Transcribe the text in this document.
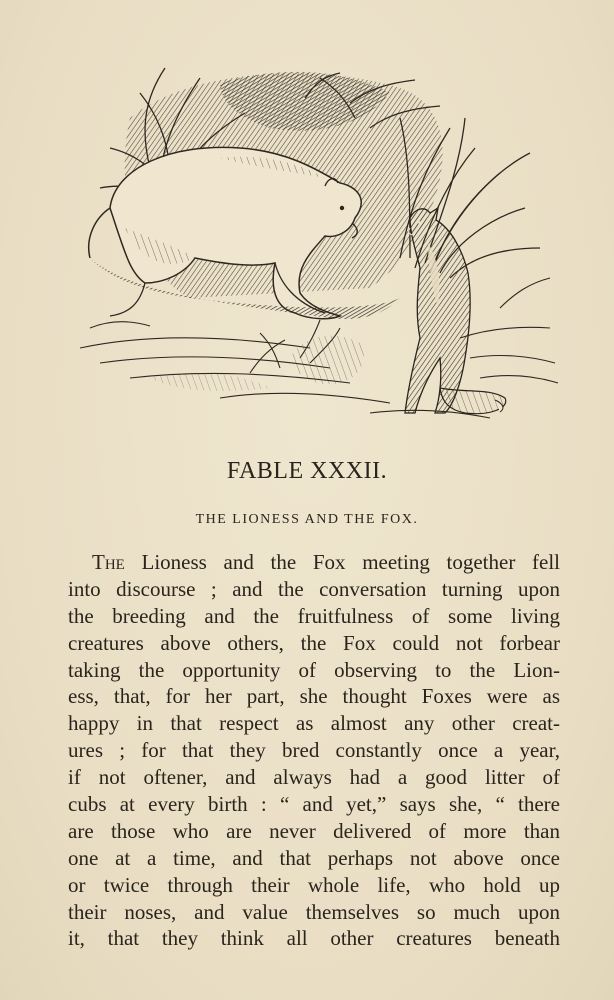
FABLE XXXII.
THE LIONESS AND THE FOX.
The Lioness and the Fox meeting together fell
into discourse ; and the conversation turning upon
the breeding and the fruitfulness of some living
creatures above others, the Fox could not forbear
taking the opportunity of observing to the Lion-
ess, that, for her part, she thought Foxes were as
happy in that respect as almost any other creat-
ures ; for that they bred constantly once a year,
if not oftener, and always had a good litter of
cubs at every birth : “ and yet,” says she, “ there
are those who are never delivered of more than
one at a time, and that perhaps not above once
or twice through their whole life, who hold up
their noses, and value themselves so much upon
it, that they think all other creatures beneath
